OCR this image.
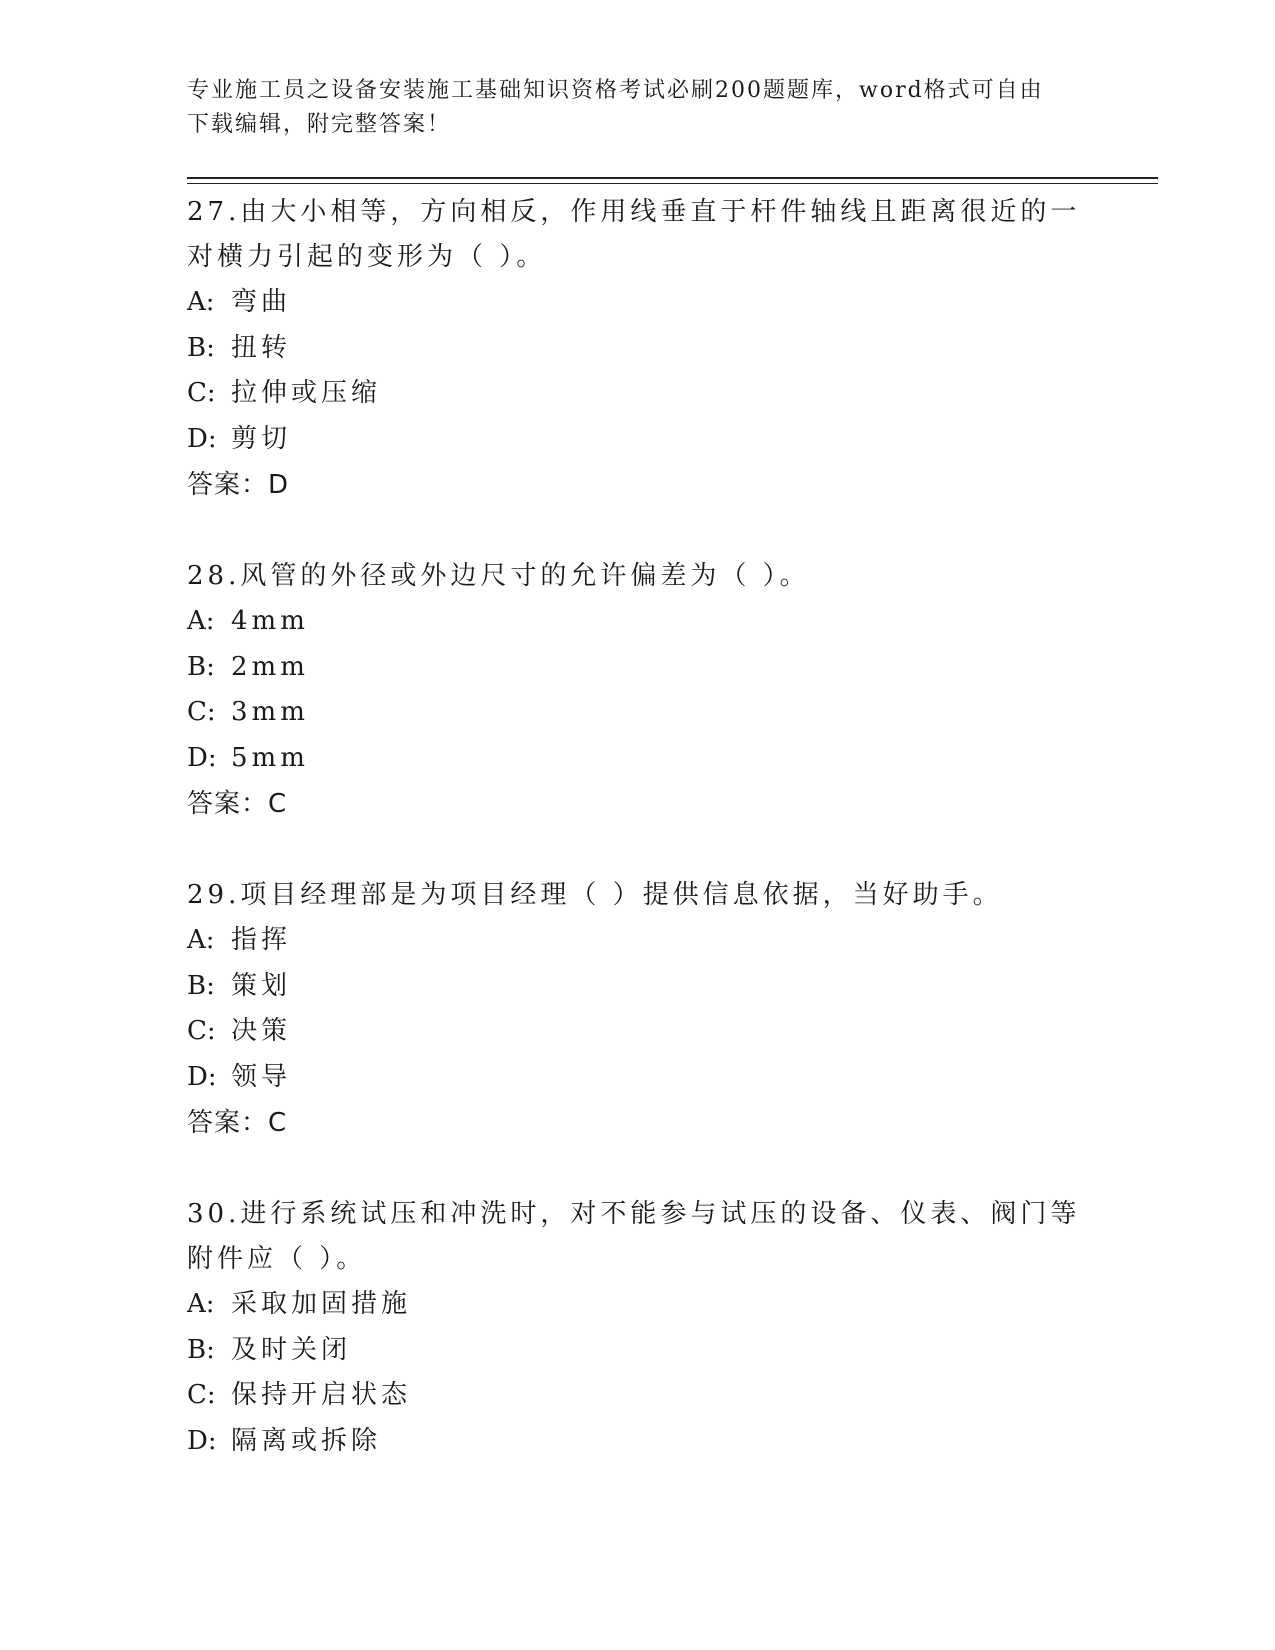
专业施工员之设备安装施工基础知识资格考试必刷200题题库，word格式可自由下载编辑，附完整答案！

27.由大小相等，方向相反，作用线垂直于杆件轴线且距离很近的一对横力引起的变形为（ ）。

A: 弯曲

B: 扭转

C: 拉伸或压缩

D: 剪切

答案：D

28.风管的外径或外边尺寸的允许偏差为（ ）。

A: 4mm

B: 2mm

C: 3mm

D: 5mm

答案：C

29.项目经理部是为项目经理（ ）提供信息依据，当好助手。

A: 指挥

B: 策划

C: 决策

D: 领导

答案：C

30.进行系统试压和冲洗时，对不能参与试压的设备、仪表、阀门等附件应（ ）。

A: 采取加固措施

B: 及时关闭

C: 保持开启状态

D: 隔离或拆除
